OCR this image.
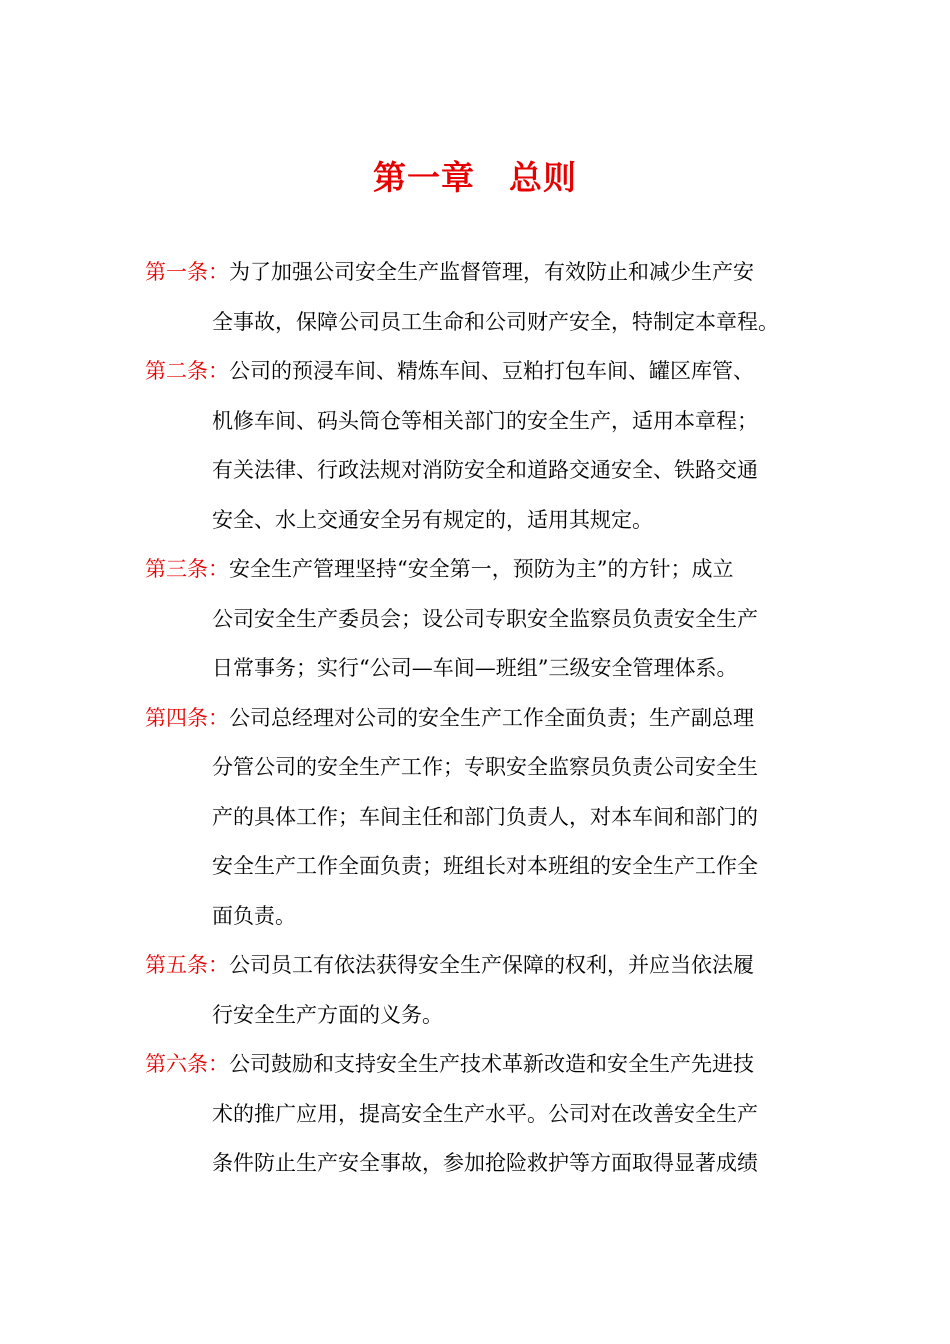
第一章 总则
第一条：为了加强公司安全生产监督管理，有效防止和减少生产安
全事故，保障公司员工生命和公司财产安全，特制定本章程。
第二条：公司的预浸车间、精炼车间、豆粕打包车间、罐区库管、
机修车间、码头筒仓等相关部门的安全生产，适用本章程；
有关法律、行政法规对消防安全和道路交通安全、铁路交通
安全、水上交通安全另有规定的，适用其规定。
第三条：安全生产管理坚持“安全第一，预防为主”的方针；成立
公司安全生产委员会；设公司专职安全监察员负责安全生产
日常事务；实行“公司—车间—班组”三级安全管理体系。
第四条：公司总经理对公司的安全生产工作全面负责；生产副总理
分管公司的安全生产工作；专职安全监察员负责公司安全生
产的具体工作；车间主任和部门负责人，对本车间和部门的
安全生产工作全面负责；班组长对本班组的安全生产工作全
面负责。
第五条：公司员工有依法获得安全生产保障的权利，并应当依法履
行安全生产方面的义务。
第六条：公司鼓励和支持安全生产技术革新改造和安全生产先进技
术的推广应用，提高安全生产水平。公司对在改善安全生产
条件防止生产安全事故，参加抢险救护等方面取得显著成绩
